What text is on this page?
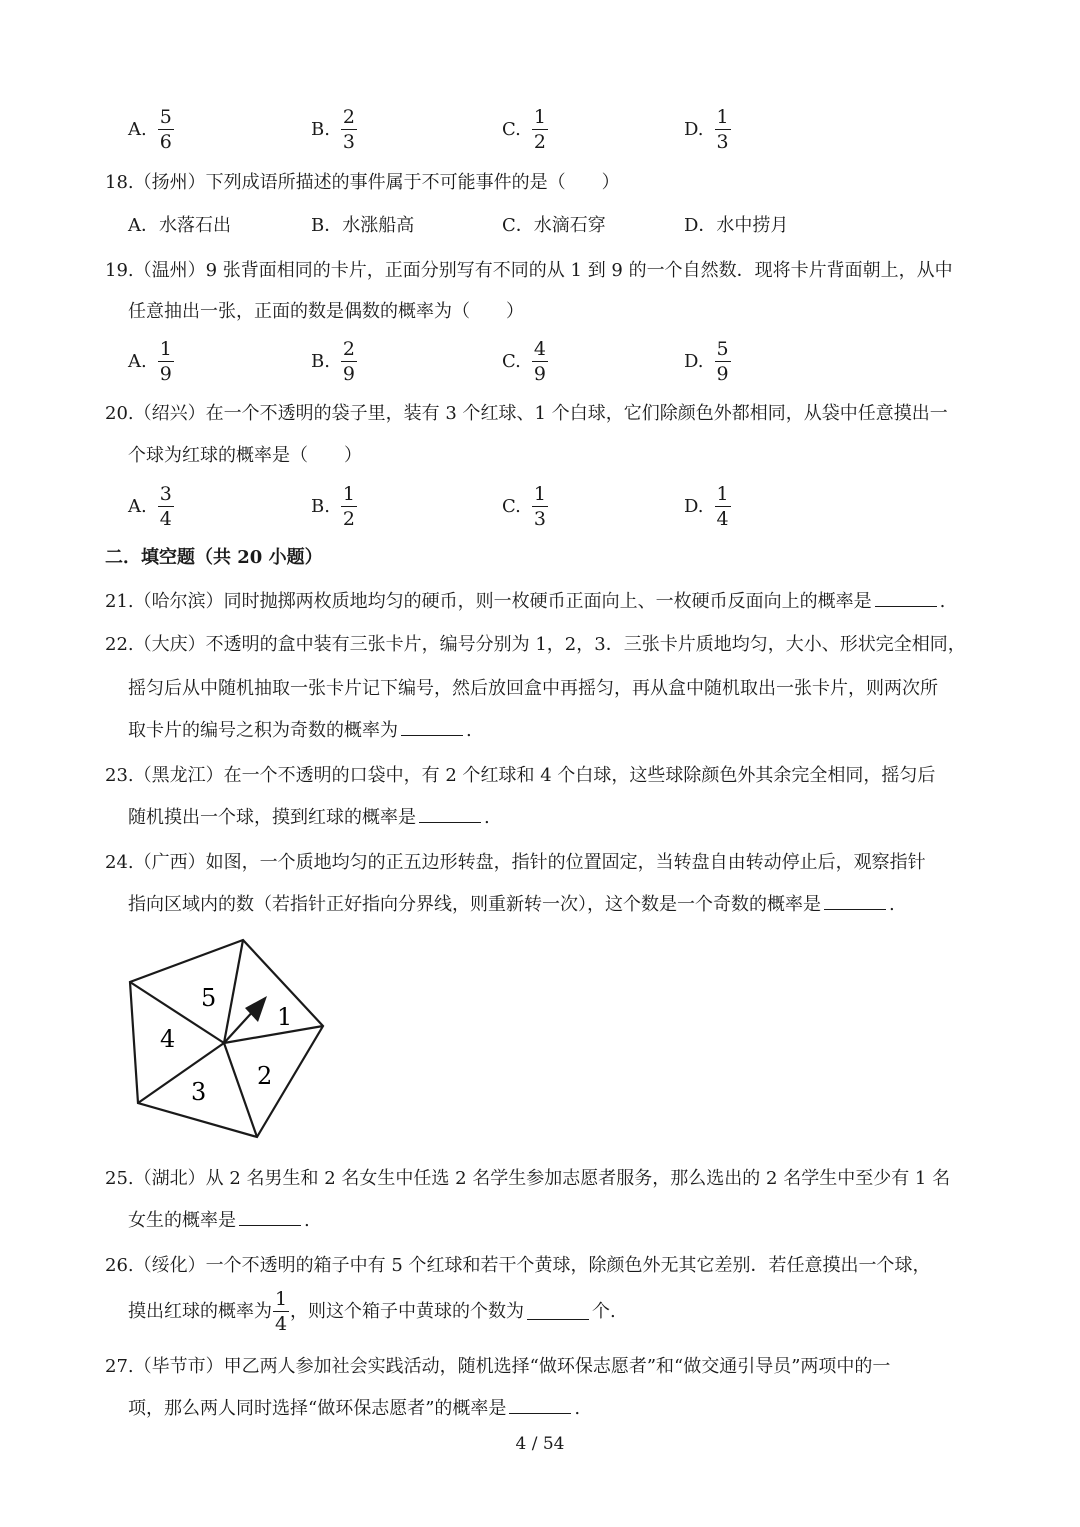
A. $\frac{5}{6}$	B. $\frac{2}{3}$	C. $\frac{1}{2}$	D. $\frac{1}{3}$
18.（扬州）下列成语所描述的事件属于不可能事件的是（　　）
A．水落石出	B．水涨船高	C．水滴石穿	D．水中捞月
19.（温州）9 张背面相同的卡片，正面分别写有不同的从 1 到 9 的一个自然数．现将卡片背面朝上，从中
任意抽出一张，正面的数是偶数的概率为（　　）
A. $\frac{1}{9}$	B. $\frac{2}{9}$	C. $\frac{4}{9}$	D. $\frac{5}{9}$
20.（绍兴）在一个不透明的袋子里，装有 3 个红球、1 个白球，它们除颜色外都相同，从袋中任意摸出一
个球为红球的概率是（　　）
A. $\frac{3}{4}$	B. $\frac{1}{2}$	C. $\frac{1}{3}$	D. $\frac{1}{4}$
二．填空题（共 20 小题）
21.（哈尔滨）同时抛掷两枚质地均匀的硬币，则一枚硬币正面向上、一枚硬币反面向上的概率是	.
22.（大庆）不透明的盒中装有三张卡片，编号分别为 1，2，3．三张卡片质地均匀，大小、形状完全相同，
摇匀后从中随机抽取一张卡片记下编号，然后放回盒中再摇匀，再从盒中随机取出一张卡片，则两次所
取卡片的编号之积为奇数的概率为	.
23.（黑龙江）在一个不透明的口袋中，有 2 个红球和 4 个白球，这些球除颜色外其余完全相同，摇匀后
随机摸出一个球，摸到红球的概率是	.
24.（广西）如图，一个质地均匀的正五边形转盘，指针的位置固定，当转盘自由转动停止后，观察指针
指向区域内的数（若指针正好指向分界线，则重新转一次），这个数是一个奇数的概率是	.
1
2
3
4
5
25.（湖北）从 2 名男生和 2 名女生中任选 2 名学生参加志愿者服务，那么选出的 2 名学生中至少有 1 名
女生的概率是	.
26.（绥化）一个不透明的箱子中有 5 个红球和若干个黄球，除颜色外无其它差别．若任意摸出一个球，
摸出红球的概率为 $\frac{1}{4}$ ，则这个箱子中黄球的个数为	个.
27.（毕节市）甲乙两人参加社会实践活动，随机选择“做环保志愿者”和“做交通引导员”两项中的一
项，那么两人同时选择“做环保志愿者”的概率是	.
4 / 54
